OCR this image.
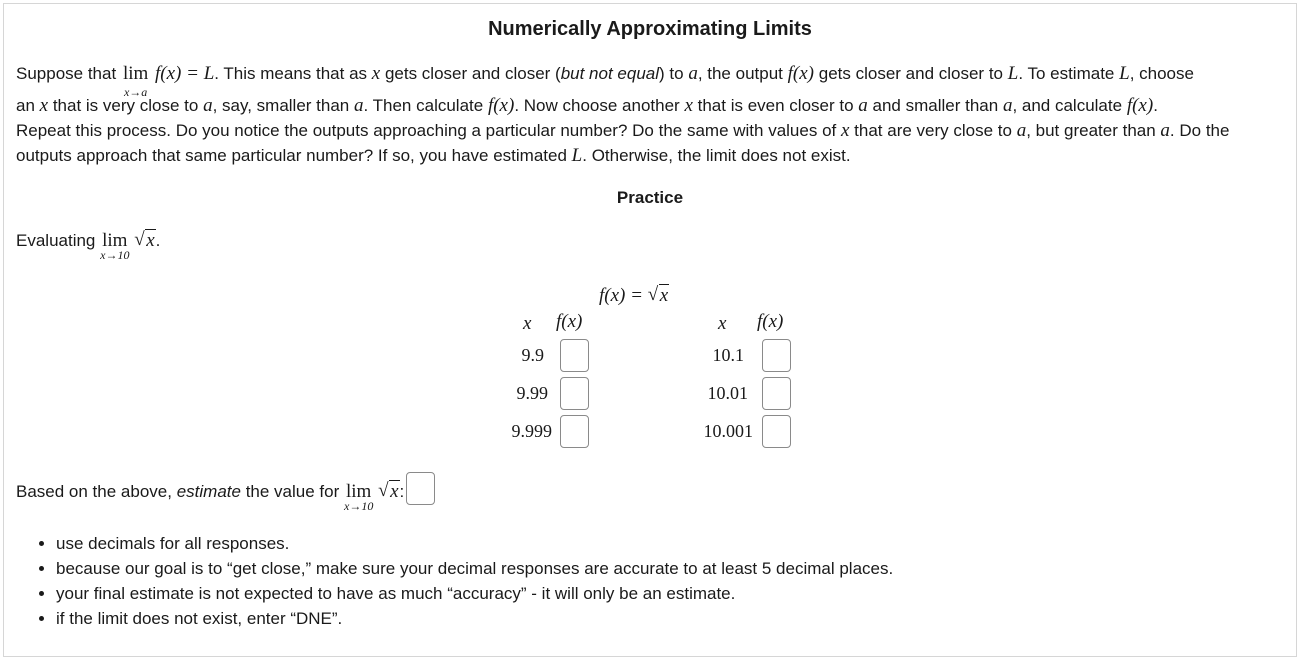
Numerically Approximating Limits
Suppose that lim
x→a
f(x) = L. This means that as x gets closer and closer (but not equal) to a, the output f(x) gets closer and closer to L. To estimate L, choose
an x that is very close to a, say, smaller than a. Then calculate f(x). Now choose another x that is even closer to a and smaller than a, and calculate f(x).
Repeat this process. Do you notice the outputs approaching a particular number? Do the same with values of x that are very close to a, but greater than a. Do the
outputs approach that same particular number? If so, you have estimated L. Otherwise, the limit does not exist.
Practice
Evaluating lim
x→10
√ x.
f(x) = √ x
x f(x)
9.9
9.99
9.999
x f(x)
10.1
10.01
10.001
Based on the above, estimate the value for lim
x→10
√ x:
• use decimals for all responses.
• because our goal is to “get close,” make sure your decimal responses are accurate to at least 5 decimal places.
• your final estimate is not expected to have as much “accuracy” - it will only be an estimate.
• if the limit does not exist, enter “DNE”.
